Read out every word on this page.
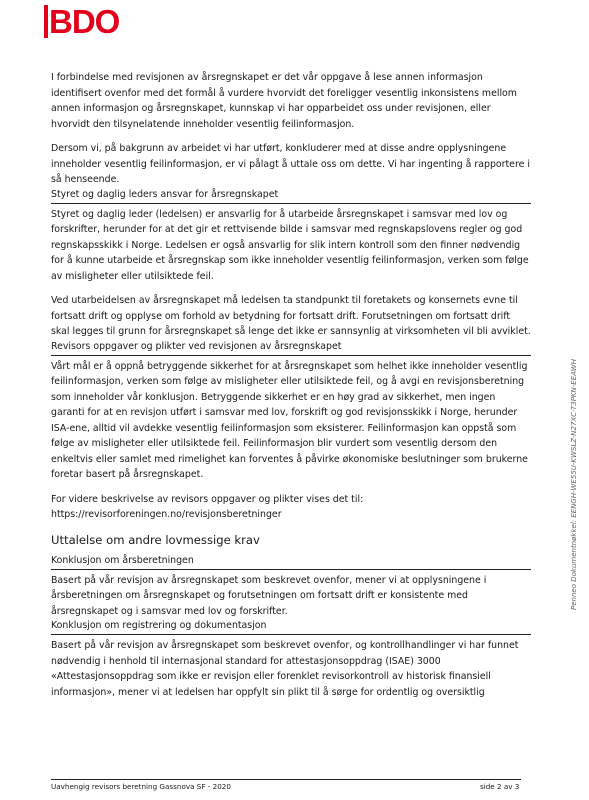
BDO

I forbindelse med revisjonen av årsregnskapet er det vår oppgave å lese annen informasjon identifisert ovenfor med det formål å vurdere hvorvidt det foreligger vesentlig inkonsistens mellom annen informasjon og årsregnskapet, kunnskap vi har opparbeidet oss under revisjonen, eller hvorvidt den tilsynelatende inneholder vesentlig feilinformasjon.

Dersom vi, på bakgrunn av arbeidet vi har utført, konkluderer med at disse andre opplysningene inneholder vesentlig feilinformasjon, er vi pålagt å uttale oss om dette. Vi har ingenting å rapportere i så henseende.

Styret og daglig leders ansvar for årsregnskapet

Styret og daglig leder (ledelsen) er ansvarlig for å utarbeide årsregnskapet i samsvar med lov og forskrifter, herunder for at det gir et rettvisende bilde i samsvar med regnskapslovens regler og god regnskapsskikk i Norge. Ledelsen er også ansvarlig for slik intern kontroll som den finner nødvendig for å kunne utarbeide et årsregnskap som ikke inneholder vesentlig feilinformasjon, verken som følge av misligheter eller utilsiktede feil.

Ved utarbeidelsen av årsregnskapet må ledelsen ta standpunkt til foretakets og konsernets evne til fortsatt drift og opplyse om forhold av betydning for fortsatt drift. Forutsetningen om fortsatt drift skal legges til grunn for årsregnskapet så lenge det ikke er sannsynlig at virksomheten vil bli avviklet.

Revisors oppgaver og plikter ved revisjonen av årsregnskapet

Vårt mål er å oppnå betryggende sikkerhet for at årsregnskapet som helhet ikke inneholder vesentlig feilinformasjon, verken som følge av misligheter eller utilsiktede feil, og å avgi en revisjonsberetning som inneholder vår konklusjon. Betryggende sikkerhet er en høy grad av sikkerhet, men ingen garanti for at en revisjon utført i samsvar med lov, forskrift og god revisjonsskikk i Norge, herunder ISA-ene, alltid vil avdekke vesentlig feilinformasjon som eksisterer. Feilinformasjon kan oppstå som følge av misligheter eller utilsiktede feil. Feilinformasjon blir vurdert som vesentlig dersom den enkeltvis eller samlet med rimelighet kan forventes å påvirke økonomiske beslutninger som brukerne foretar basert på årsregnskapet.

For videre beskrivelse av revisors oppgaver og plikter vises det til: https://revisorforeningen.no/revisjonsberetninger

Uttalelse om andre lovmessige krav
Konklusjon om årsberetningen

Basert på vår revisjon av årsregnskapet som beskrevet ovenfor, mener vi at opplysningene i årsberetningen om årsregnskapet og forutsetningen om fortsatt drift er konsistente med årsregnskapet og i samsvar med lov og forskrifter.

Konklusjon om registrering og dokumentasjon

Basert på vår revisjon av årsregnskapet som beskrevet ovenfor, og kontrollhandlinger vi har funnet nødvendig i henhold til internasjonal standard for attestasjonsoppdrag (ISAE) 3000 «Attestasjonsoppdrag som ikke er revisjon eller forenklet revisorkontroll av historisk finansiell informasjon», mener vi at ledelsen har oppfylt sin plikt til å sørge for ordentlig og oversiktlig

Penneo Dokumentnøkkel: EENGH-WE55U-KWSLZ-N27XC-T3PKN-EEAWH
Uavhengig revisors beretning Gassnova SF - 2020	side 2 av 3
